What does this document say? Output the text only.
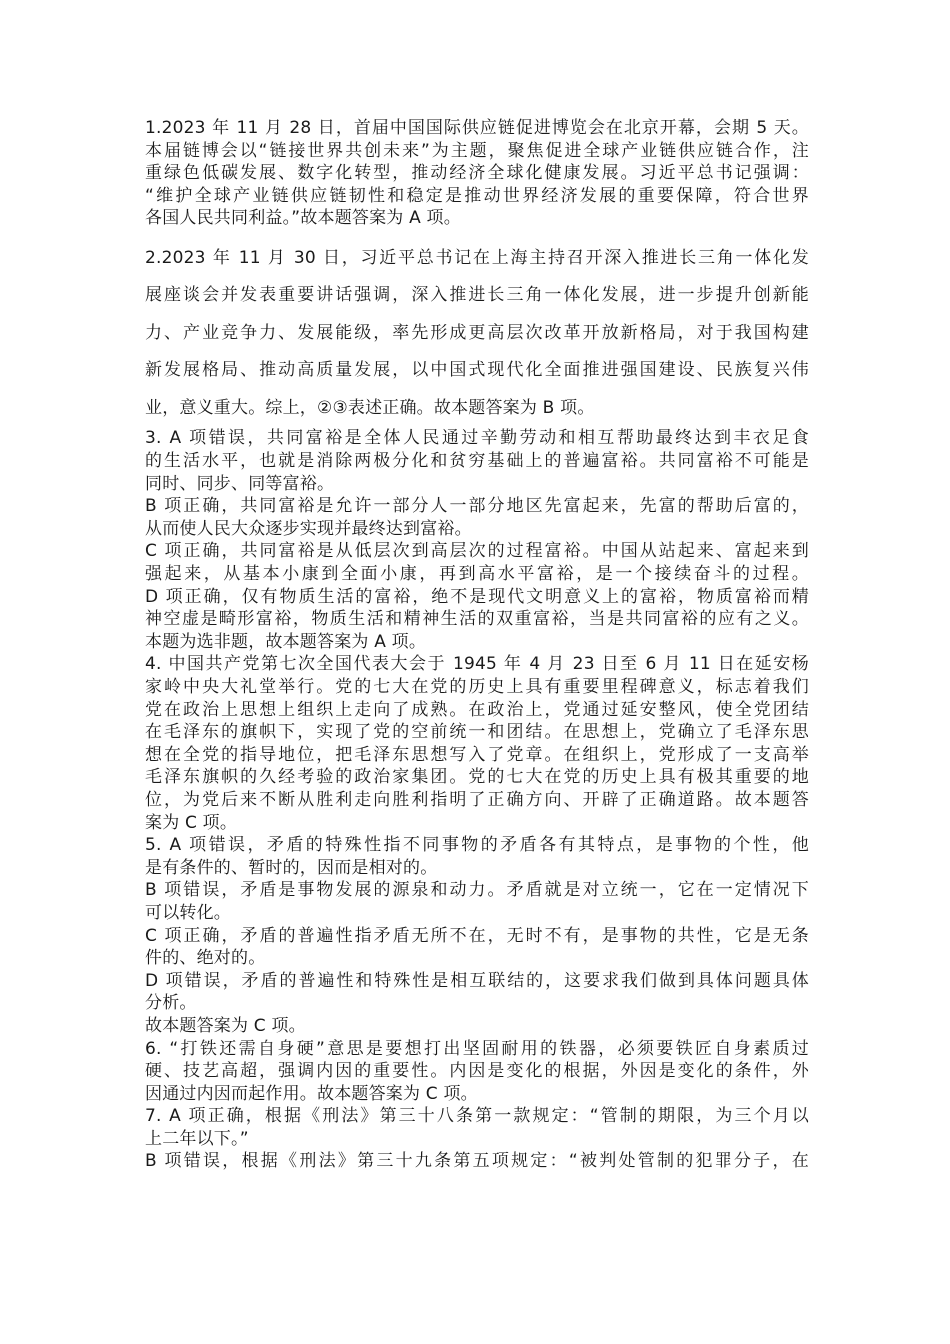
1.2023 年 11 月 28 日，首届中国国际供应链促进博览会在北京开幕，会期 5 天。
本届链博会以“链接世界共创未来”为主题，聚焦促进全球产业链供应链合作，注
重绿色低碳发展、数字化转型，推动经济全球化健康发展。习近平总书记强调：
“维护全球产业链供应链韧性和稳定是推动世界经济发展的重要保障，符合世界
各国人民共同利益。”故本题答案为 A 项。
2.2023 年 11 月 30 日，习近平总书记在上海主持召开深入推进长三角一体化发
展座谈会并发表重要讲话强调，深入推进长三角一体化发展，进一步提升创新能
力、产业竞争力、发展能级，率先形成更高层次改革开放新格局，对于我国构建
新发展格局、推动高质量发展，以中国式现代化全面推进强国建设、民族复兴伟
业，意义重大。综上，②③表述正确。故本题答案为 B 项。
3. A 项错误，共同富裕是全体人民通过辛勤劳动和相互帮助最终达到丰衣足食
的生活水平，也就是消除两极分化和贫穷基础上的普遍富裕。共同富裕不可能是
同时、同步、同等富裕。
B 项正确，共同富裕是允许一部分人一部分地区先富起来，先富的帮助后富的，
从而使人民大众逐步实现并最终达到富裕。
C 项正确，共同富裕是从低层次到高层次的过程富裕。中国从站起来、富起来到
强起来，从基本小康到全面小康，再到高水平富裕，是一个接续奋斗的过程。
D 项正确，仅有物质生活的富裕，绝不是现代文明意义上的富裕，物质富裕而精
神空虚是畸形富裕，物质生活和精神生活的双重富裕，当是共同富裕的应有之义。
本题为选非题，故本题答案为 A 项。
4. 中国共产党第七次全国代表大会于 1945 年 4 月 23 日至 6 月 11 日在延安杨
家岭中央大礼堂举行。党的七大在党的历史上具有重要里程碑意义，标志着我们
党在政治上思想上组织上走向了成熟。在政治上，党通过延安整风，使全党团结
在毛泽东的旗帜下，实现了党的空前统一和团结。在思想上，党确立了毛泽东思
想在全党的指导地位，把毛泽东思想写入了党章。在组织上，党形成了一支高举
毛泽东旗帜的久经考验的政治家集团。党的七大在党的历史上具有极其重要的地
位，为党后来不断从胜利走向胜利指明了正确方向、开辟了正确道路。故本题答
案为 C 项。
5. A 项错误，矛盾的特殊性指不同事物的矛盾各有其特点，是事物的个性，他
是有条件的、暂时的，因而是相对的。
B 项错误，矛盾是事物发展的源泉和动力。矛盾就是对立统一，它在一定情况下
可以转化。
C 项正确，矛盾的普遍性指矛盾无所不在，无时不有，是事物的共性，它是无条
件的、绝对的。
D 项错误，矛盾的普遍性和特殊性是相互联结的，这要求我们做到具体问题具体
分析。
故本题答案为 C 项。
6. “打铁还需自身硬”意思是要想打出坚固耐用的铁器，必须要铁匠自身素质过
硬、技艺高超，强调内因的重要性。内因是变化的根据，外因是变化的条件，外
因通过内因而起作用。故本题答案为 C 项。
7. A 项正确，根据《刑法》第三十八条第一款规定：“管制的期限，为三个月以
上二年以下。”
B 项错误，根据《刑法》第三十九条第五项规定：“被判处管制的犯罪分子，在
